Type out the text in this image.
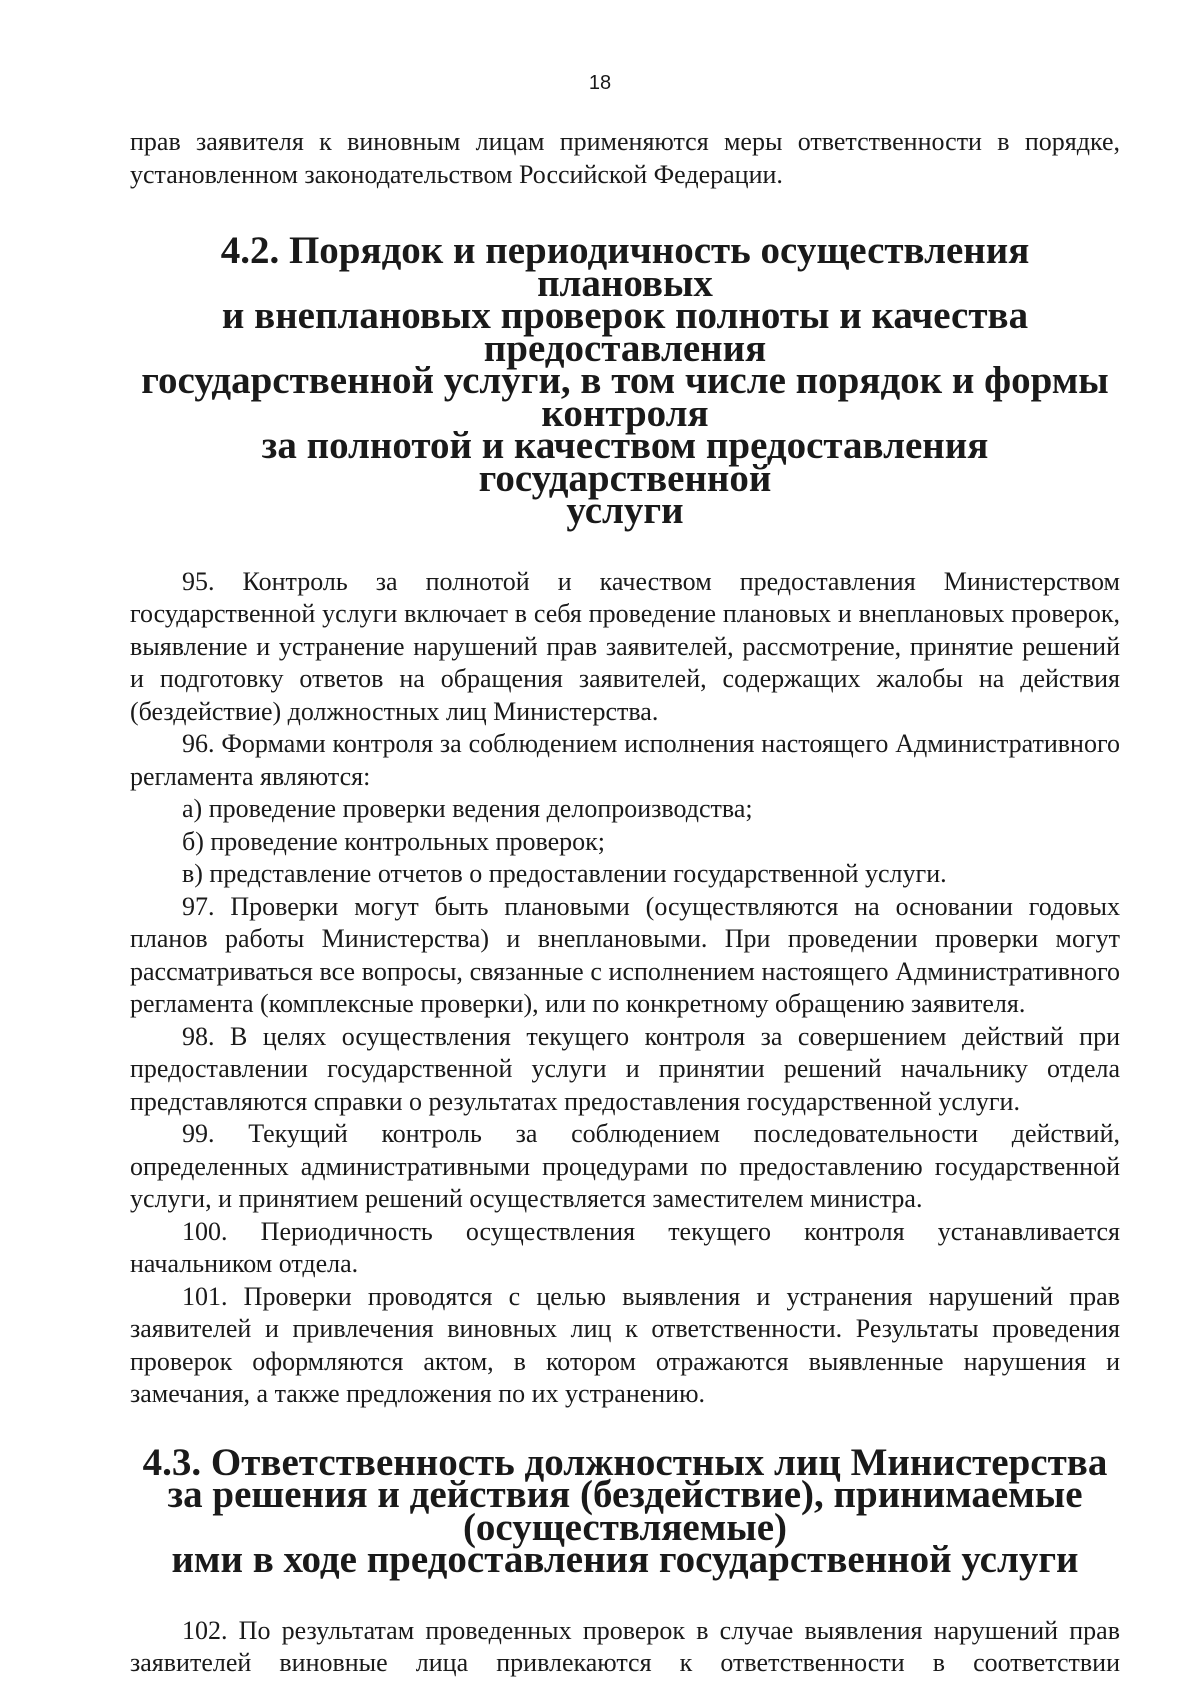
18

прав заявителя к виновным лицам применяются меры ответственности в порядке, установленном законодательством Российской Федерации.

4.2. Порядок и периодичность осуществления плановых
и внеплановых проверок полноты и качества предоставления
государственной услуги, в том числе порядок и формы контроля
за полнотой и качеством предоставления государственной
услуги

95. Контроль за полнотой и качеством предоставления Министерством государственной услуги включает в себя проведение плановых и внеплановых проверок, выявление и устранение нарушений прав заявителей, рассмотрение, принятие решений и подготовку ответов на обращения заявителей, содержащих жалобы на действия (бездействие) должностных лиц Министерства.

96. Формами контроля за соблюдением исполнения настоящего Административного регламента являются:

а) проведение проверки ведения делопроизводства;

б) проведение контрольных проверок;

в) представление отчетов о предоставлении государственной услуги.

97. Проверки могут быть плановыми (осуществляются на основании годовых планов работы Министерства) и внеплановыми. При проведении проверки могут рассматриваться все вопросы, связанные с исполнением настоящего Административного регламента (комплексные проверки), или по конкретному обращению заявителя.

98. В целях осуществления текущего контроля за совершением действий при предоставлении государственной услуги и принятии решений начальнику отдела представляются справки о результатах предоставления государственной услуги.

99. Текущий контроль за соблюдением последовательности действий, определенных административными процедурами по предоставлению государственной услуги, и принятием решений осуществляется заместителем министра.

100. Периодичность осуществления текущего контроля устанавливается начальником отдела.

101. Проверки проводятся с целью выявления и устранения нарушений прав заявителей и привлечения виновных лиц к ответственности. Результаты проведения проверок оформляются актом, в котором отражаются выявленные нарушения и замечания, а также предложения по их устранению.

4.3. Ответственность должностных лиц Министерства
за решения и действия (бездействие), принимаемые (осуществляемые)
ими в ходе предоставления государственной услуги

102. По результатам проведенных проверок в случае выявления нарушений прав заявителей виновные лица привлекаются к ответственности в соответствии
